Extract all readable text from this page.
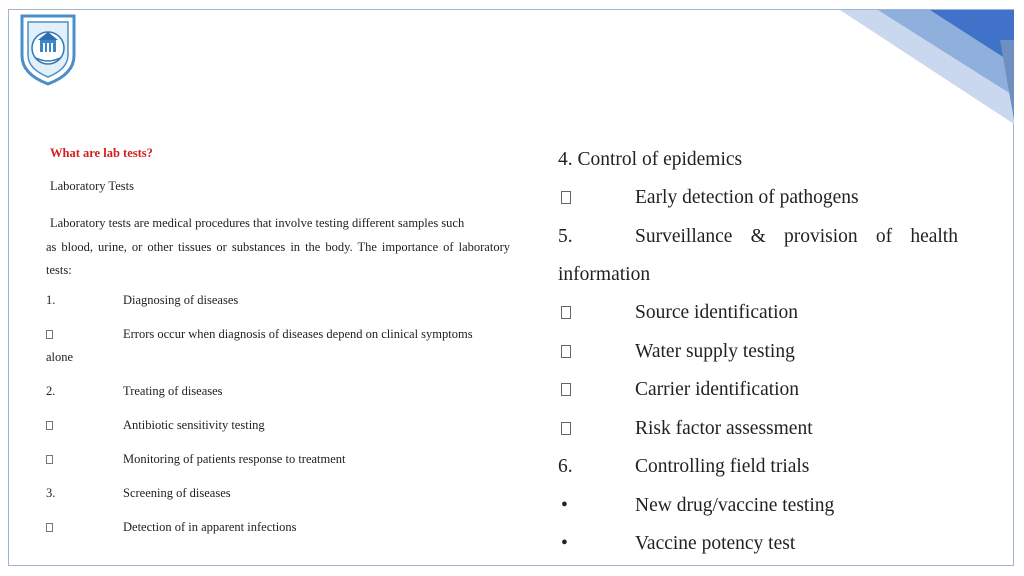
What are lab tests?

Laboratory Tests

Laboratory tests are medical procedures that involve testing different samples such
as blood, urine, or other tissues or substances in the body. The importance of laboratory tests:

1.	Diagnosing of diseases
Errors occur when diagnosis of diseases depend on clinical symptoms
alone
2.	Treating of diseases
Antibiotic sensitivity testing
Monitoring of patients response to treatment
3.	Screening of diseases
Detection of in apparent infections
4. Control of epidemics
Early detection of pathogens
5.	Surveillance & provision of health
information
Source identification
Water supply testing
Carrier identification
Risk factor assessment
6.	Controlling field trials
•	New drug/vaccine testing
•	Vaccine potency test
